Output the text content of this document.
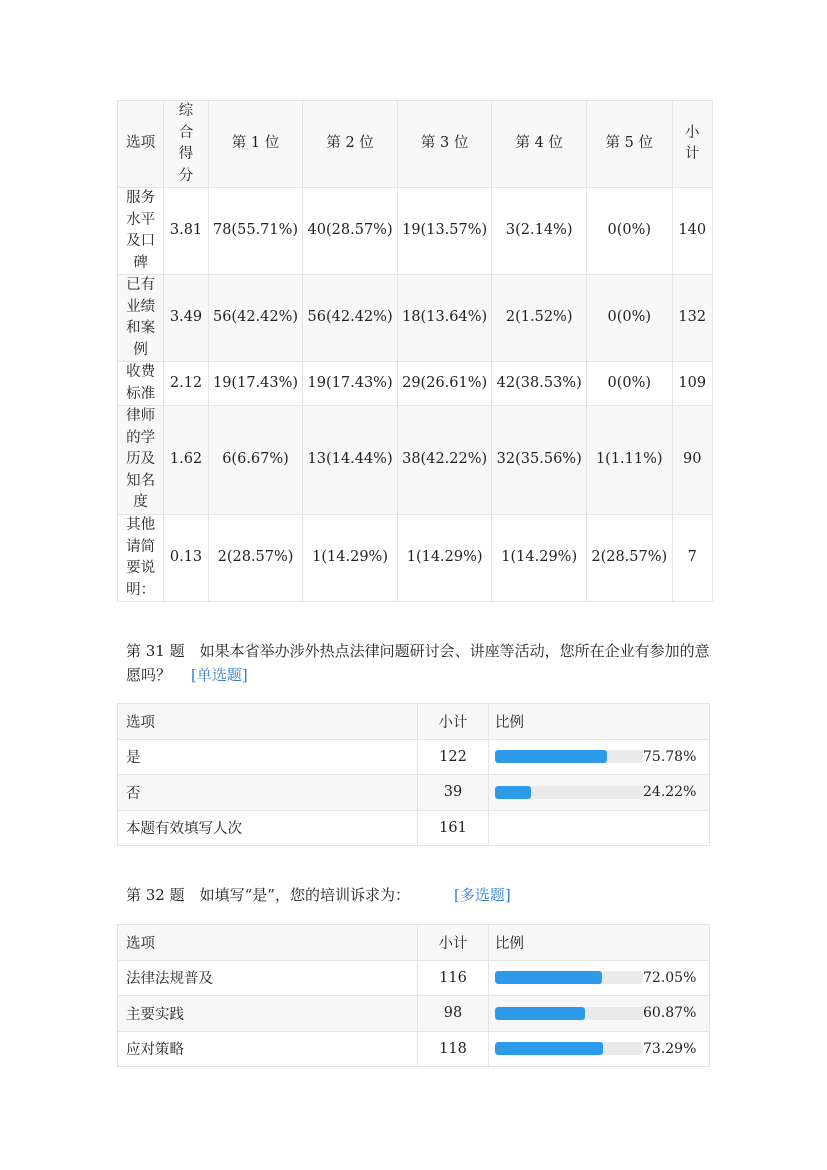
选项	综合得分	第 1 位	第 2 位	第 3 位	第 4 位	第 5 位	小计
服务水平及口碑	3.81	78(55.71%)	40(28.57%)	19(13.57%)	3(2.14%)	0(0%)	140
已有业绩和案例	3.49	56(42.42%)	56(42.42%)	18(13.64%)	2(1.52%)	0(0%)	132
收费标准	2.12	19(17.43%)	19(17.43%)	29(26.61%)	42(38.53%)	0(0%)	109
律师的学历及知名度	1.62	6(6.67%)	13(14.44%)	38(42.22%)	32(35.56%)	1(1.11%)	90
其他请简要说明：	0.13	2(28.57%)	1(14.29%)	1(14.29%)	1(14.29%)	2(28.57%)	7
第 31 题　如果本省举办涉外热点法律问题研讨会、讲座等活动，您所在企业有参加的意愿吗？ [单选题]
选项	小计	比例
是	122	75.78%

否	39	24.22%

本题有效填写人次	161	
第 32 题　如填写“是”，您的培训诉求为：	[多选题]
选项	小计	比例
法律法规普及	116	72.05%

主要实践	98	60.87%

应对策略	118	73.29%
